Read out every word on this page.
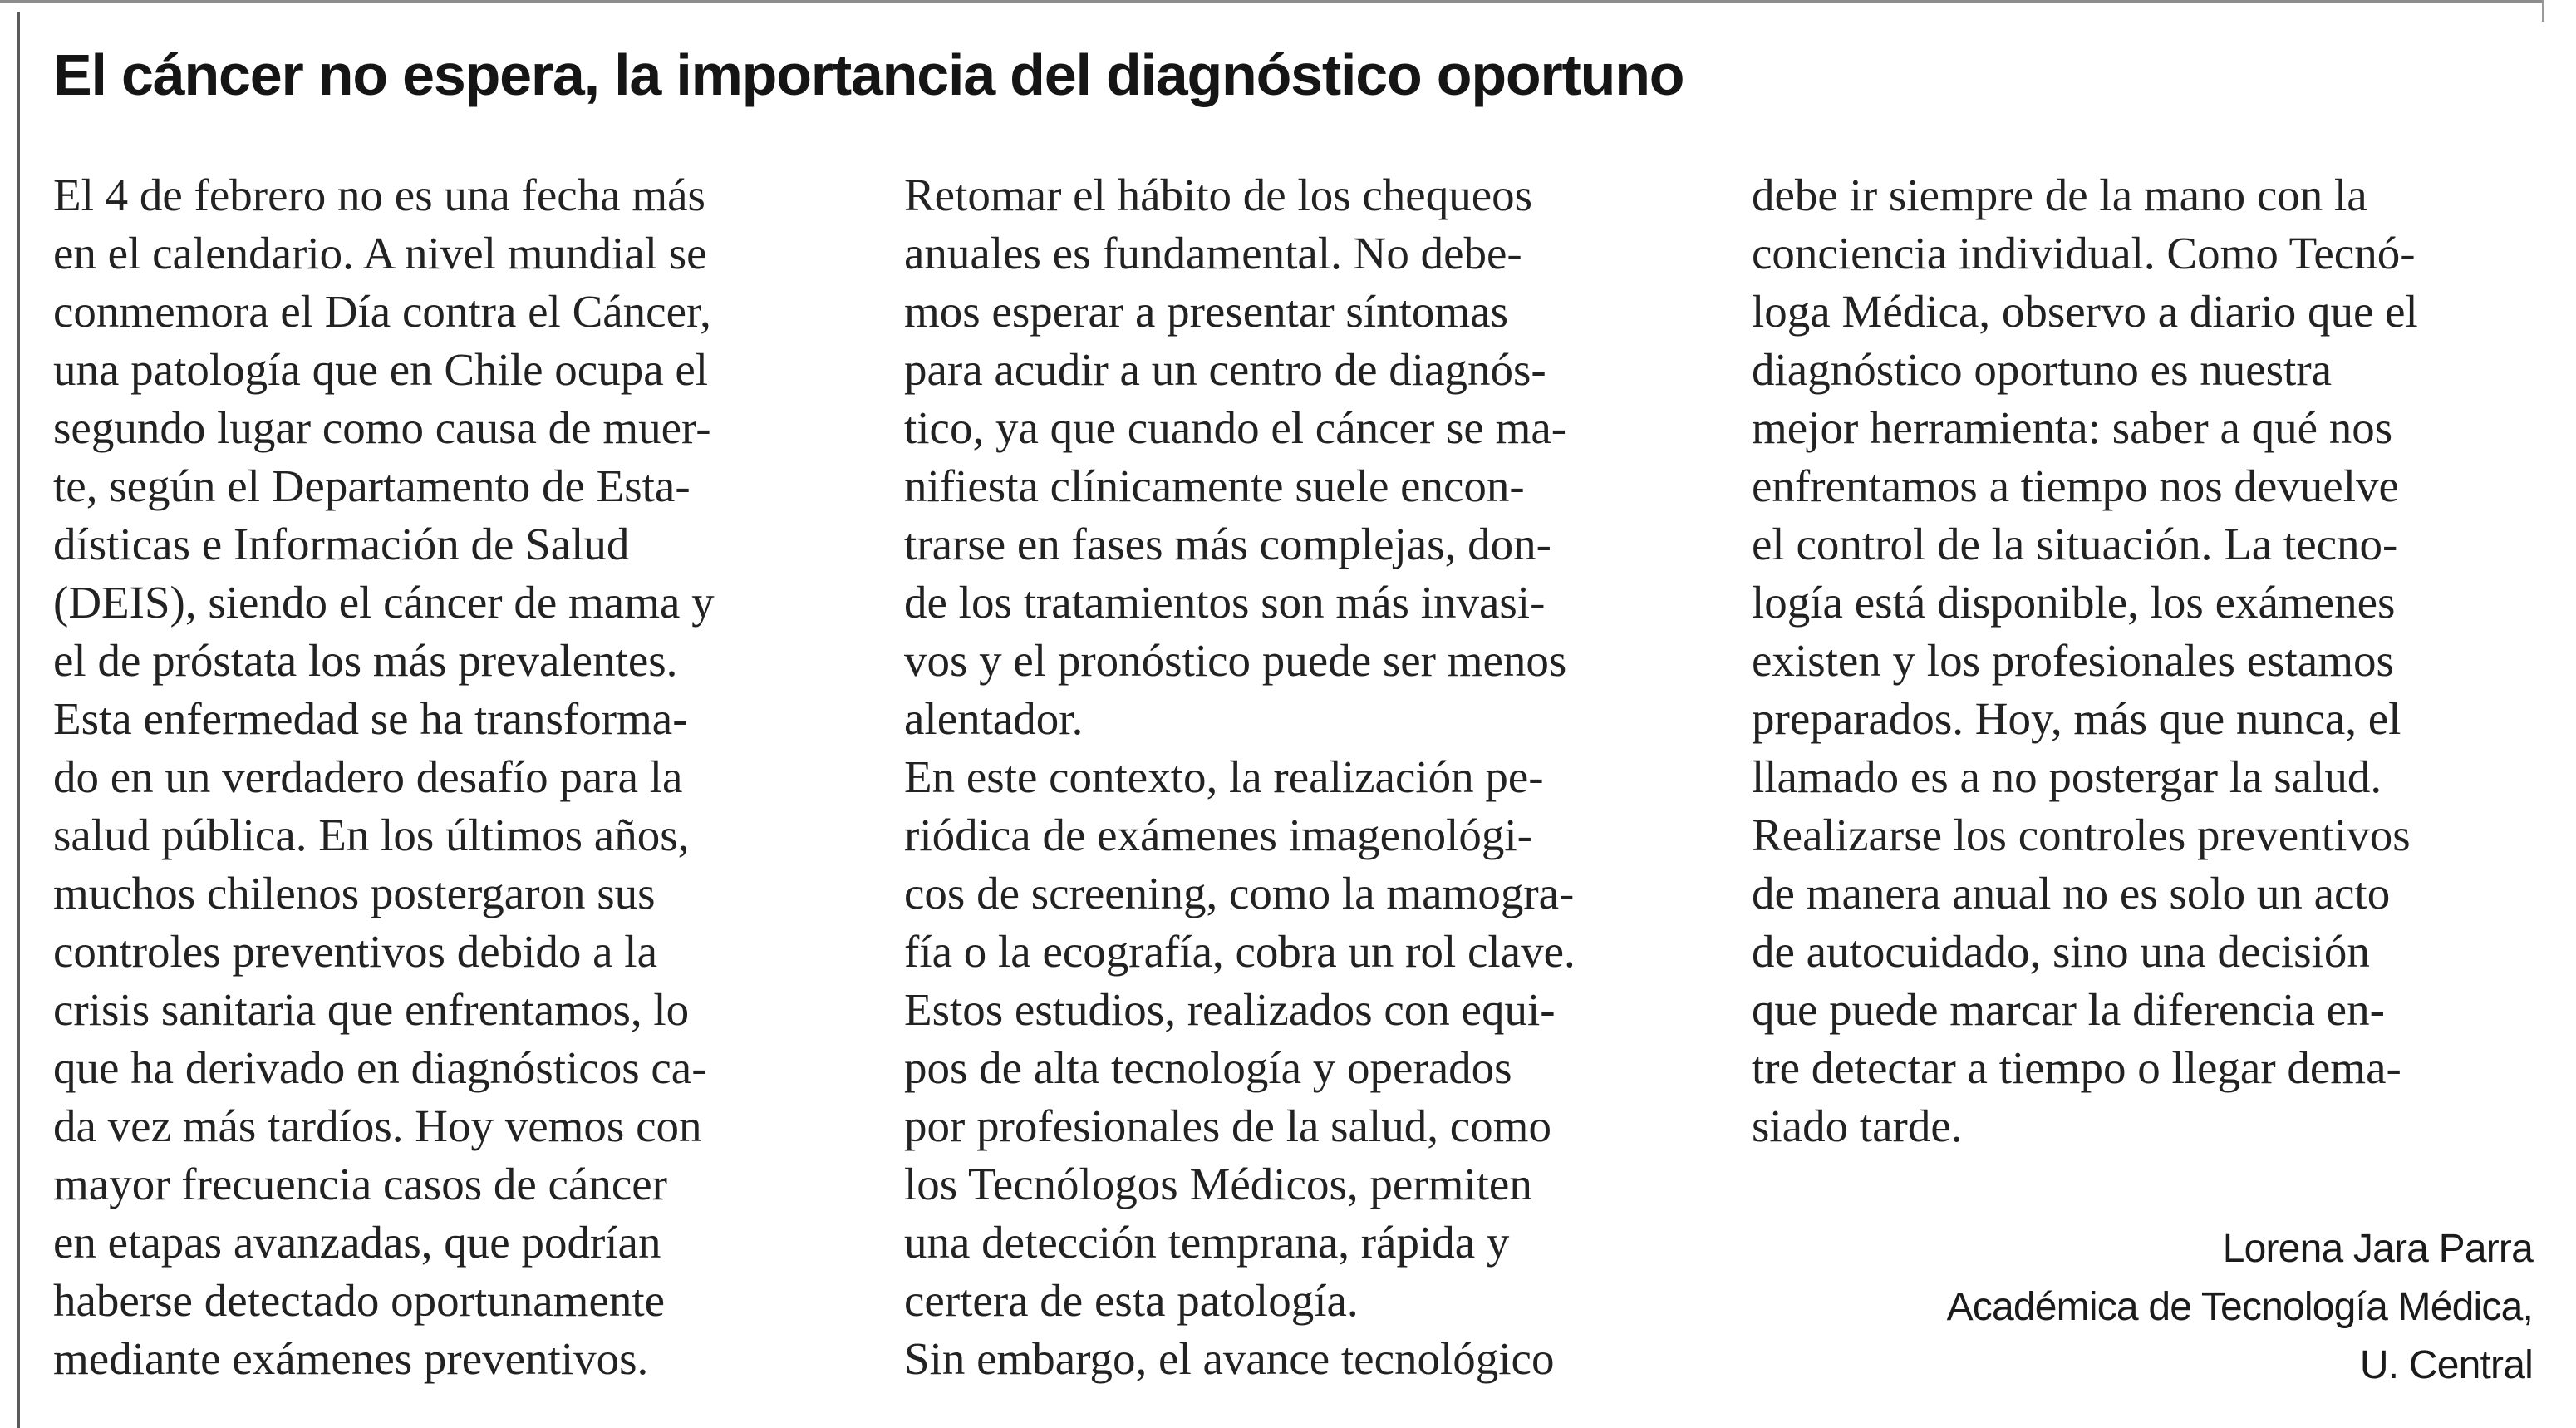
El cáncer no espera, la importancia del diagnóstico oportuno
El 4 de febrero no es una fecha más
en el calendario. A nivel mundial se
conmemora el Día contra el Cáncer,
una patología que en Chile ocupa el
segundo lugar como causa de muer-
te, según el Departamento de Esta-
dísticas e Información de Salud
(DEIS), siendo el cáncer de mama y
el de próstata los más prevalentes.
Esta enfermedad se ha transforma-
do en un verdadero desafío para la
salud pública. En los últimos años,
muchos chilenos postergaron sus
controles preventivos debido a la
crisis sanitaria que enfrentamos, lo
que ha derivado en diagnósticos ca-
da vez más tardíos. Hoy vemos con
mayor frecuencia casos de cáncer
en etapas avanzadas, que podrían
haberse detectado oportunamente
mediante exámenes preventivos.
Retomar el hábito de los chequeos
anuales es fundamental. No debe-
mos esperar a presentar síntomas
para acudir a un centro de diagnós-
tico, ya que cuando el cáncer se ma-
nifiesta clínicamente suele encon-
trarse en fases más complejas, don-
de los tratamientos son más invasi-
vos y el pronóstico puede ser menos
alentador.
En este contexto, la realización pe-
riódica de exámenes imagenológi-
cos de screening, como la mamogra-
fía o la ecografía, cobra un rol clave.
Estos estudios, realizados con equi-
pos de alta tecnología y operados
por profesionales de la salud, como
los Tecnólogos Médicos, permiten
una detección temprana, rápida y
certera de esta patología.
Sin embargo, el avance tecnológico
debe ir siempre de la mano con la
conciencia individual. Como Tecnó-
loga Médica, observo a diario que el
diagnóstico oportuno es nuestra
mejor herramienta: saber a qué nos
enfrentamos a tiempo nos devuelve
el control de la situación. La tecno-
logía está disponible, los exámenes
existen y los profesionales estamos
preparados. Hoy, más que nunca, el
llamado es a no postergar la salud.
Realizarse los controles preventivos
de manera anual no es solo un acto
de autocuidado, sino una decisión
que puede marcar la diferencia en-
tre detectar a tiempo o llegar dema-
siado tarde.
Lorena Jara Parra
Académica de Tecnología Médica,
U. Central
